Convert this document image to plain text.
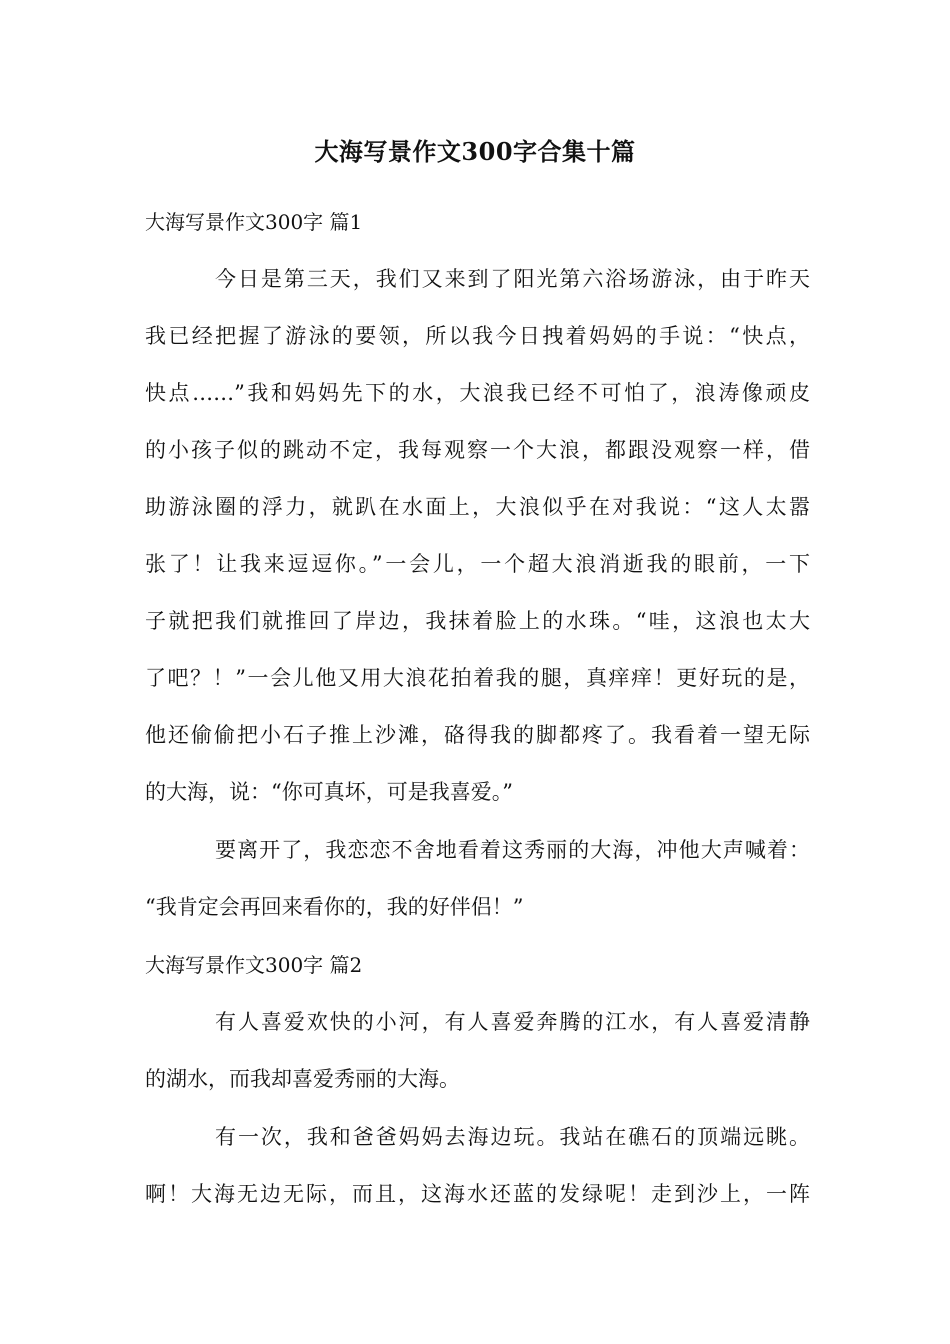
大海写景作文300字合集十篇
大海写景作文300字 篇1
今日是第三天，我们又来到了阳光第六浴场游泳，由于昨天
我已经把握了游泳的要领，所以我今日拽着妈妈的手说：“快点，
快点……”我和妈妈先下的水，大浪我已经不可怕了，浪涛像顽皮
的小孩子似的跳动不定，我每观察一个大浪，都跟没观察一样，借
助游泳圈的浮力，就趴在水面上，大浪似乎在对我说：“这人太嚣
张了！让我来逗逗你。”一会儿，一个超大浪消逝我的眼前，一下
子就把我们就推回了岸边，我抹着脸上的水珠。“哇，这浪也太大
了吧？！”一会儿他又用大浪花拍着我的腿，真痒痒！更好玩的是，
他还偷偷把小石子推上沙滩，硌得我的脚都疼了。我看着一望无际
的大海，说：“你可真坏，可是我喜爱。”
要离开了，我恋恋不舍地看着这秀丽的大海，冲他大声喊着：
“我肯定会再回来看你的，我的好伴侣！”
大海写景作文300字 篇2
有人喜爱欢快的小河，有人喜爱奔腾的江水，有人喜爱清静
的湖水，而我却喜爱秀丽的大海。
有一次，我和爸爸妈妈去海边玩。我站在礁石的顶端远眺。
啊！大海无边无际，而且，这海水还蓝的发绿呢！走到沙上，一阵
